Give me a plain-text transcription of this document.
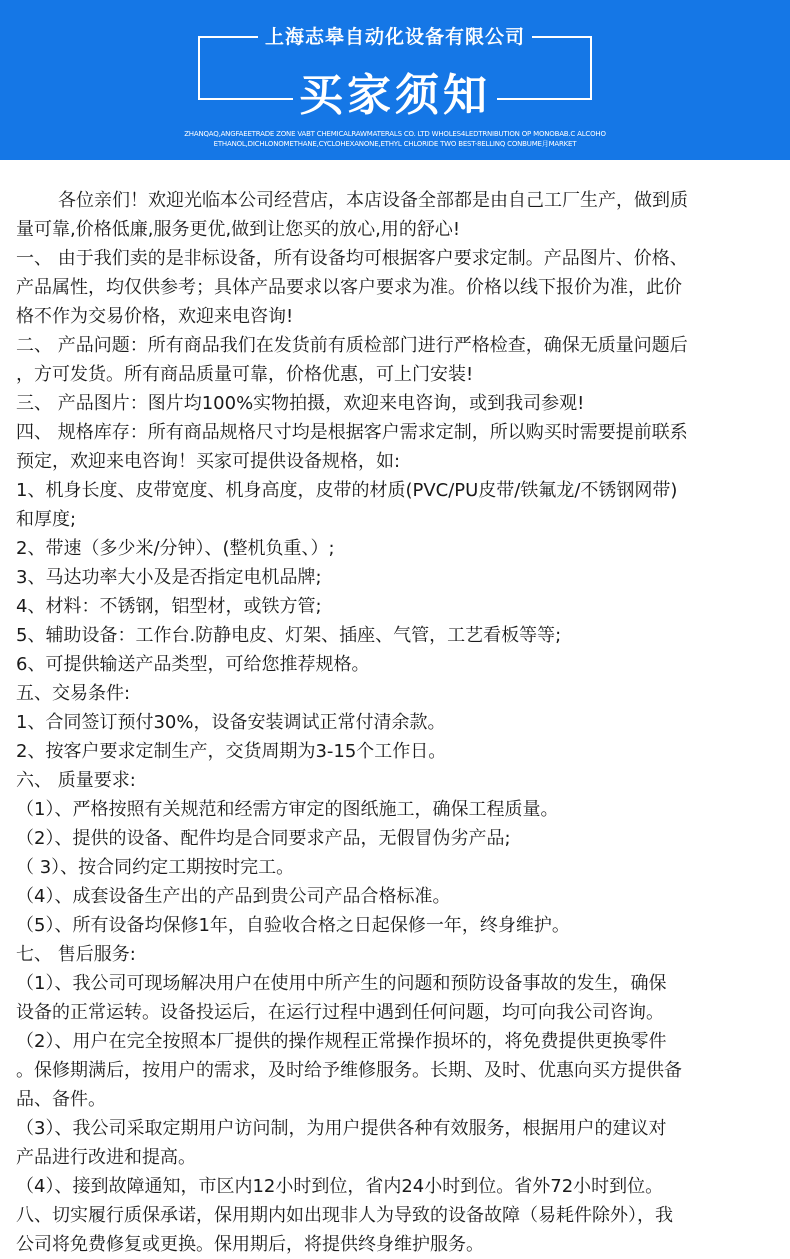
上海志皋自动化设备有限公司
买家须知
ZHANQAQ,ANGFAEETRADE ZONE VABT CHEMICALRAWMATERALS CO. LTD WHOLES4LEDTRNIBUTION OP MONOBAB.C ALCOHO
ETHANOL,DICHLONOMETHANE,CYCLOHEXANONE,ETHYL CHLORIDE TWO BEST-8ELLINQ CONBUME月MARKET
各位亲们！欢迎光临本公司经营店，本店设备全部都是由自己工厂生产，做到质
量可靠,价格低廉,服务更优,做到让您买的放心,用的舒心!
一、 由于我们卖的是非标设备，所有设备均可根据客户要求定制。产品图片、价格、
产品属性，均仅供参考；具体产品要求以客户要求为准。价格以线下报价为准，此价
格不作为交易价格，欢迎来电咨询!
二、 产品问题：所有商品我们在发货前有质检部门进行严格检查，确保无质量问题后
，方可发货。所有商品质量可靠，价格优惠，可上门安装!
三、 产品图片：图片均100%实物拍摄，欢迎来电咨询，或到我司参观!
四、 规格库存：所有商品规格尺寸均是根据客户需求定制，所以购买时需要提前联系
预定，欢迎来电咨询！买家可提供设备规格，如:
1、机身长度、皮带宽度、机身高度，皮带的材质(PVC/PU皮带/铁氟龙/不锈钢网带)
和厚度;
2、带速（多少米/分钟）、(整机负重、）;
3、马达功率大小及是否指定电机品牌;
4、材料：不锈钢，铝型材，或铁方管;
5、辅助设备：工作台.防静电皮、灯架、插座、气管，工艺看板等等;
6、可提供输送产品类型，可给您推荐规格。
五、交易条件:
1、合同签订预付30%，设备安装调试正常付清余款。
2、按客户要求定制生产，交货周期为3-15个工作日。
六、 质量要求:
（1）、严格按照有关规范和经需方审定的图纸施工，确保工程质量。
（2）、提供的设备、配件均是合同要求产品，无假冒伪劣产品;
（ 3）、按合同约定工期按时完工。
（4）、成套设备生产出的产品到贵公司产品合格标准。
（5）、所有设备均保修1年，自验收合格之日起保修一年，终身维护。
七、 售后服务:
（1）、我公司可现场解决用户在使用中所产生的问题和预防设备事故的发生，确保
设备的正常运转。设备投运后，在运行过程中遇到任何问题，均可向我公司咨询。
（2）、用户在完全按照本厂提供的操作规程正常操作损坏的，将免费提供更换零件
。保修期满后，按用户的需求，及时给予维修服务。长期、及时、优惠向买方提供备
品、备件。
（3）、我公司采取定期用户访问制，为用户提供各种有效服务，根据用户的建议对
产品进行改进和提高。
（4）、接到故障通知，市区内12小时到位，省内24小时到位。省外72小时到位。
八、切实履行质保承诺，保用期内如出现非人为导致的设备故障（易耗件除外），我
公司将免费修复或更换。保用期后，将提供终身维护服务。
